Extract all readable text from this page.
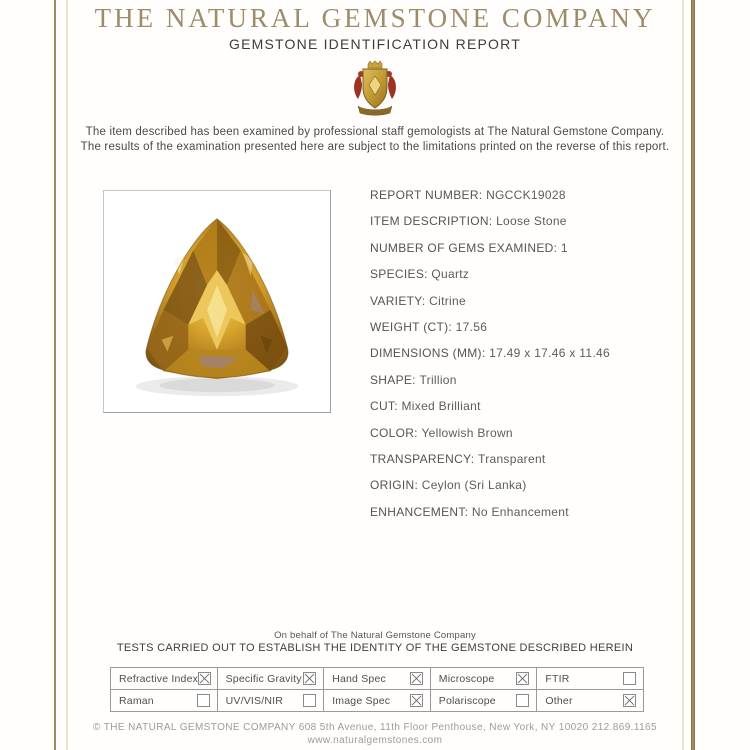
THE NATURAL GEMSTONE COMPANY
GEMSTONE IDENTIFICATION REPORT
The item described has been examined by professional staff gemologists at The Natural Gemstone Company.
The results of the examination presented here are subject to the limitations printed on the reverse of this report.
REPORT NUMBER: NGCCK19028
ITEM DESCRIPTION: Loose Stone
NUMBER OF GEMS EXAMINED: 1
SPECIES: Quartz
VARIETY: Citrine
WEIGHT (CT): 17.56
DIMENSIONS (MM): 17.49 x 17.46 x 11.46
SHAPE: Trillion
CUT: Mixed Brilliant
COLOR: Yellowish Brown
TRANSPARENCY: Transparent
ORIGIN: Ceylon (Sri Lanka)
ENHANCEMENT: No Enhancement
On behalf of The Natural Gemstone Company
TESTS CARRIED OUT TO ESTABLISH THE IDENTITY OF THE GEMSTONE DESCRIBED HEREIN
Refractive Index	Specific Gravity	Hand Spec	Microscope	FTIR

Raman	UV/VIS/NIR	Image Spec	Polariscope	Other
© THE NATURAL GEMSTONE COMPANY 608 5th Avenue, 11th Floor Penthouse, New York, NY 10020 212.869.1165
www.naturalgemstones.com
